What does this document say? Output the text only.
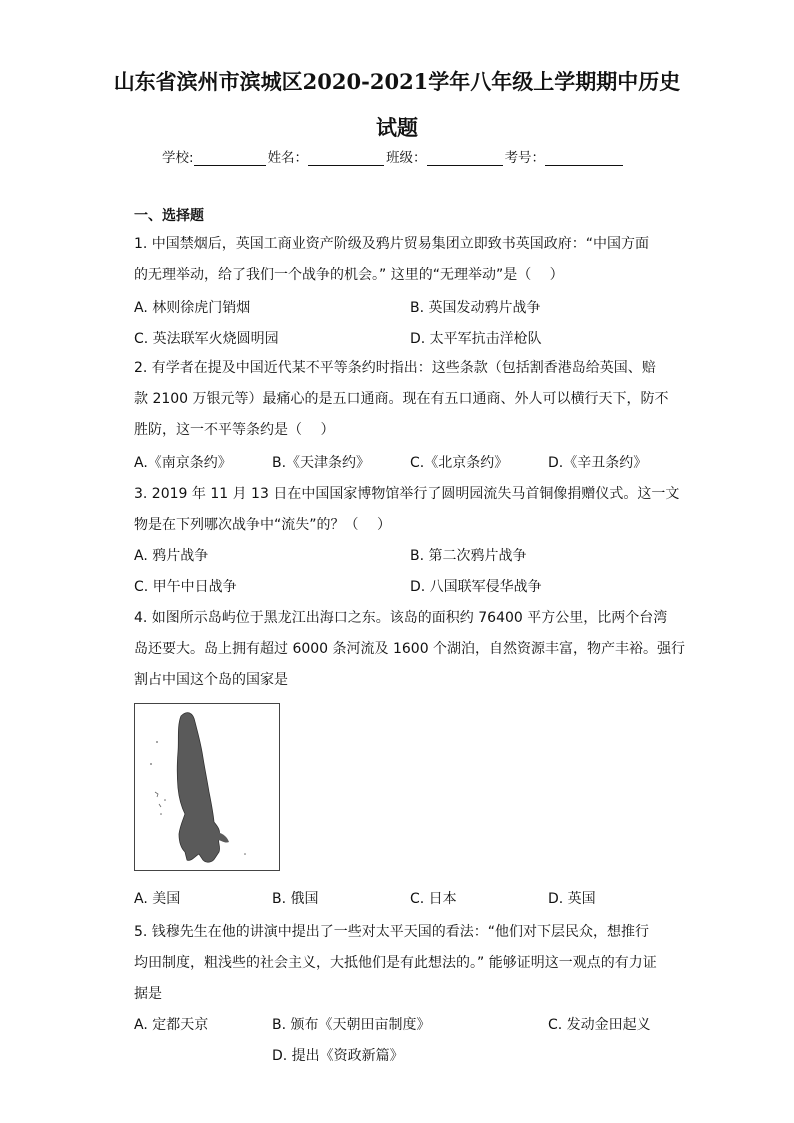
山东省滨州市滨城区2020-2021学年八年级上学期期中历史
试题
学校:	姓名：	班级：	考号：
一、选择题
1. 中国禁烟后，英国工商业资产阶级及鸦片贸易集团立即致书英国政府：“中国方面
的无理举动，给了我们一个战争的机会。” 这里的“无理举动”是（　 ）
A. 林则徐虎门销烟	B. 英国发动鸦片战争
C. 英法联军火烧圆明园	D. 太平军抗击洋枪队
2. 有学者在提及中国近代某不平等条约时指出：这些条款（包括割香港岛给英国、赔
款 2100 万银元等）最痛心的是五口通商。现在有五口通商、外人可以横行天下，防不
胜防，这一不平等条约是（　 ）
A.《南京条约》	B.《天津条约》	C.《北京条约》	D.《辛丑条约》
3. 2019 年 11 月 13 日在中国国家博物馆举行了圆明园流失马首铜像捐赠仪式。这一文
物是在下列哪次战争中“流失”的？（　 ）
A. 鸦片战争	B. 第二次鸦片战争
C. 甲午中日战争	D. 八国联军侵华战争
4. 如图所示岛屿位于黑龙江出海口之东。该岛的面积约 76400 平方公里，比两个台湾
岛还要大。岛上拥有超过 6000 条河流及 1600 个湖泊，自然资源丰富，物产丰裕。强行
割占中国这个岛的国家是
A. 美国	B. 俄国	C. 日本	D. 英国
5. 钱穆先生在他的讲演中提出了一些对太平天国的看法：“他们对下层民众，想推行
均田制度，粗浅些的社会主义，大抵他们是有此想法的。” 能够证明这一观点的有力证
据是
A. 定都天京	B. 颁布《天朝田亩制度》	C. 发动金田起义
D. 提出《资政新篇》
